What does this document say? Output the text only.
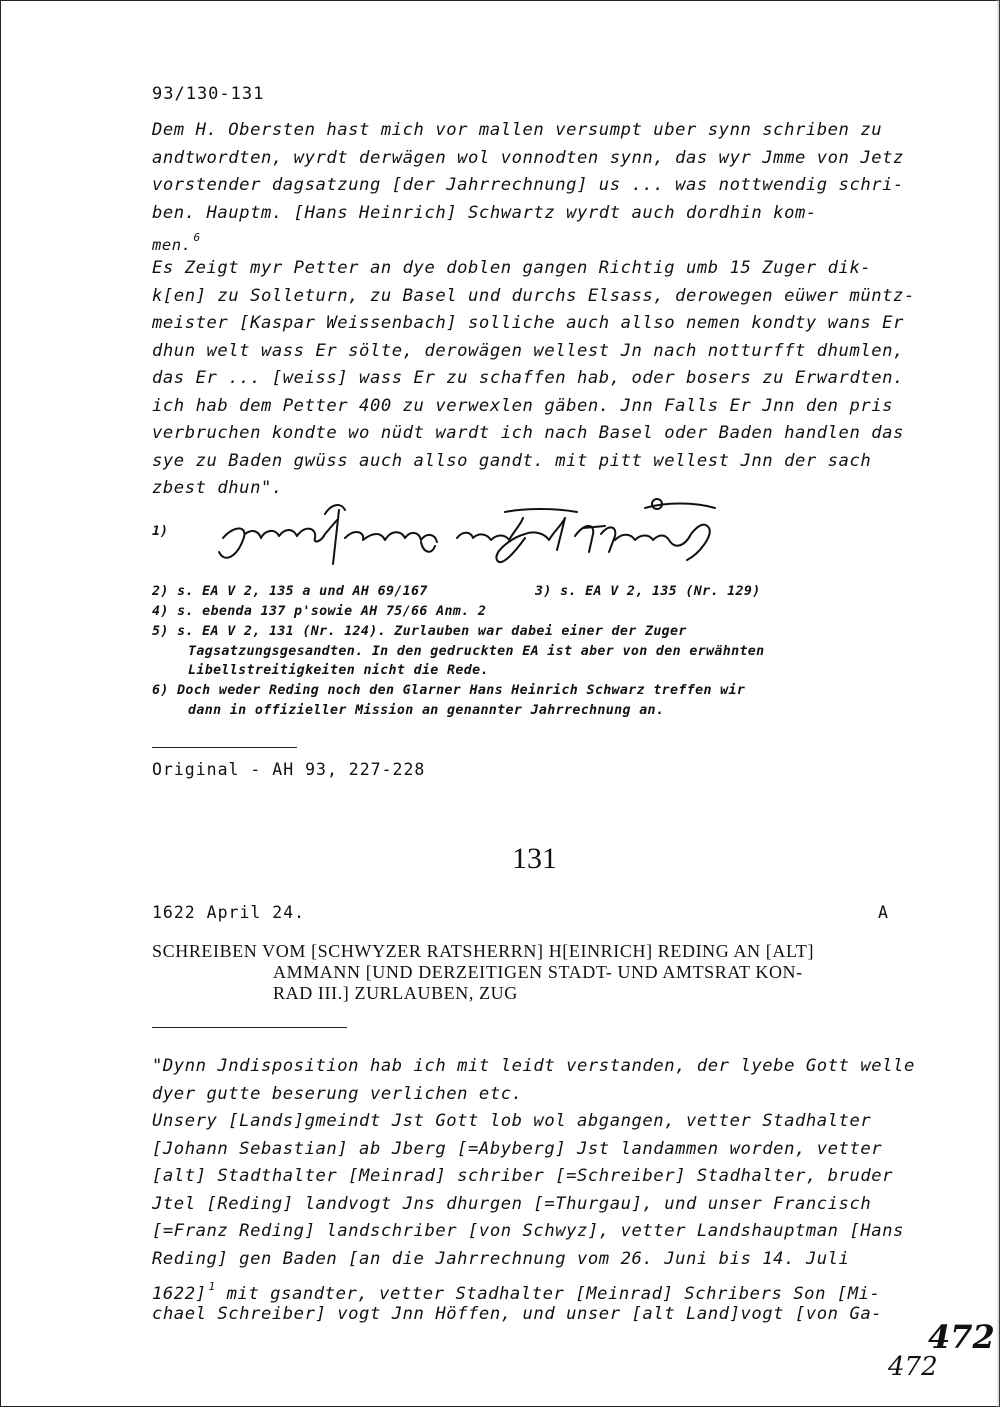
93/130-131
Dem H. Obersten hast mich vor mallen versumpt uber synn schriben zu
andtwordten, wyrdt derwägen wol vonnodten synn, das wyr Jmme von Jetz
vorstender dagsatzung [der Jahrrechnung] us ... was nottwendig schri-
ben. Hauptm. [Hans Heinrich] Schwartz wyrdt auch dordhin kom-
men. $^6$
Es Zeigt myr Petter an dye doblen gangen Richtig umb 15 Zuger dik-
k[en] zu Solleturn, zu Basel und durchs Elsass, derowegen eüwer müntz-
meister [Kaspar Weissenbach] solliche auch allso nemen kondty wans Er
dhun welt wass Er sölte, derowägen wellest Jn nach notturfft dhumlen,
das Er ... [weiss] wass Er zu schaffen hab, oder bosers zu Erwardten.
ich hab dem Petter 400 zu verwexlen gäben. Jnn Falls Er Jnn den pris
verbruchen kondte wo nüdt wardt ich nach Basel oder Baden handlen das
sye zu Baden gwüss auch allso gandt. mit pitt wellest Jnn der sach
zbest dhun".
1)
2) s. EA V 2, 135 a und AH 69/167	3) s. EA V 2, 135 (Nr. 129)
4) s. ebenda 137 p'sowie AH 75/66 Anm. 2
5) s. EA V 2, 131 (Nr. 124). Zurlauben war dabei einer der Zuger
Tagsatzungsgesandten. In den gedruckten EA ist aber von den erwähnten
Libellstreitigkeiten nicht die Rede.
6) Doch weder Reding noch den Glarner Hans Heinrich Schwarz treffen wir
dann in offizieller Mission an genannter Jahrrechnung an.
Original - AH 93, 227-228
131
1622 April 24.	A
SCHREIBEN VOM [SCHWYZER RATSHERRN] H[EINRICH] REDING AN [ALT]
AMMANN [UND DERZEITIGEN STADT- UND AMTSRAT KON-
RAD III.] ZURLAUBEN, ZUG
"Dynn Jndisposition hab ich mit leidt verstanden, der lyebe Gott welle
dyer gutte beserung verlichen etc.
Unsery [Lands]gmeindt Jst Gott lob wol abgangen, vetter Stadhalter
[Johann Sebastian] ab Jberg [=Abyberg] Jst landammen worden, vetter
[alt] Stadthalter [Meinrad] schriber [=Schreiber] Stadhalter, bruder
Jtel [Reding] landvogt Jns dhurgen [=Thurgau], und unser Francisch
[=Franz Reding] landschriber [von Schwyz], vetter Landshauptman [Hans
Reding] gen Baden [an die Jahrrechnung vom 26. Juni bis 14. Juli
1622] $^1$ mit gsandter, vetter Stadhalter [Meinrad] Schribers Son [Mi-
chael Schreiber] vogt Jnn Höffen, und unser [alt Land]vogt [von Ga-
472
472
